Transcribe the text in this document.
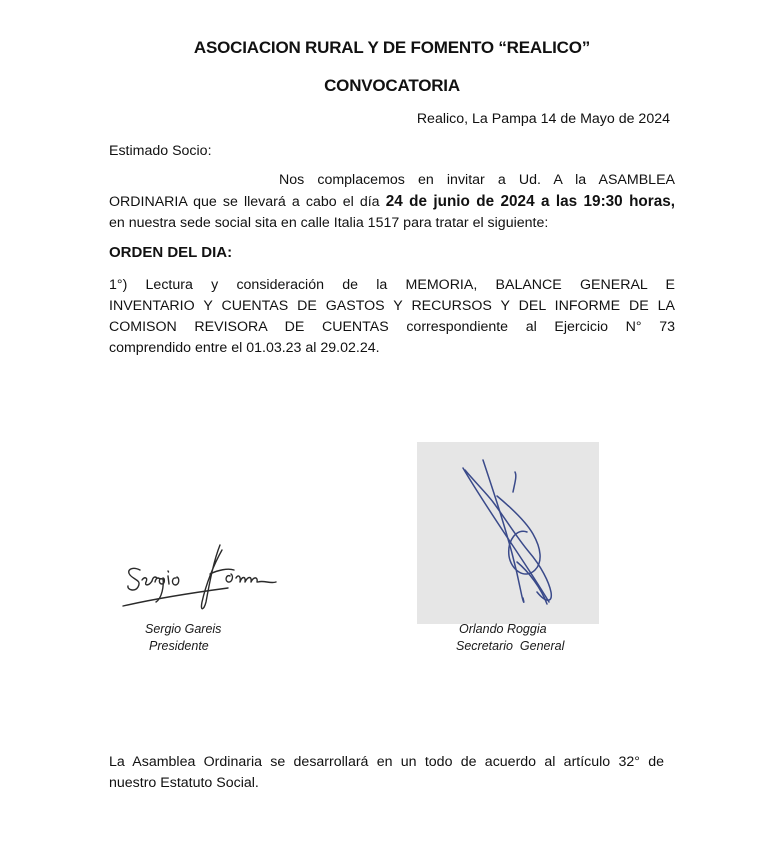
ASOCIACION RURAL Y DE FOMENTO “REALICO”
CONVOCATORIA
Realico, La Pampa 14 de Mayo de 2024
Estimado Socio:
Nos complacemos en invitar a Ud. A la ASAMBLEA
ORDINARIA que se llevará a cabo el día 24 de junio de 2024 a las 19:30 horas,
en nuestra sede social sita en calle Italia 1517 para tratar el siguiente:
ORDEN DEL DIA:
1°) Lectura y consideración de la MEMORIA, BALANCE GENERAL E
INVENTARIO Y CUENTAS DE GASTOS Y RECURSOS Y DEL INFORME DE LA
COMISON REVISORA DE CUENTAS correspondiente al Ejercicio N° 73
comprendido entre el 01.03.23 al 29.02.24.
Sergio Gareis
Presidente
Orlando Roggia
Secretario  General
La Asamblea Ordinaria se desarrollará en un todo de acuerdo al artículo 32° de
nuestro Estatuto Social.
